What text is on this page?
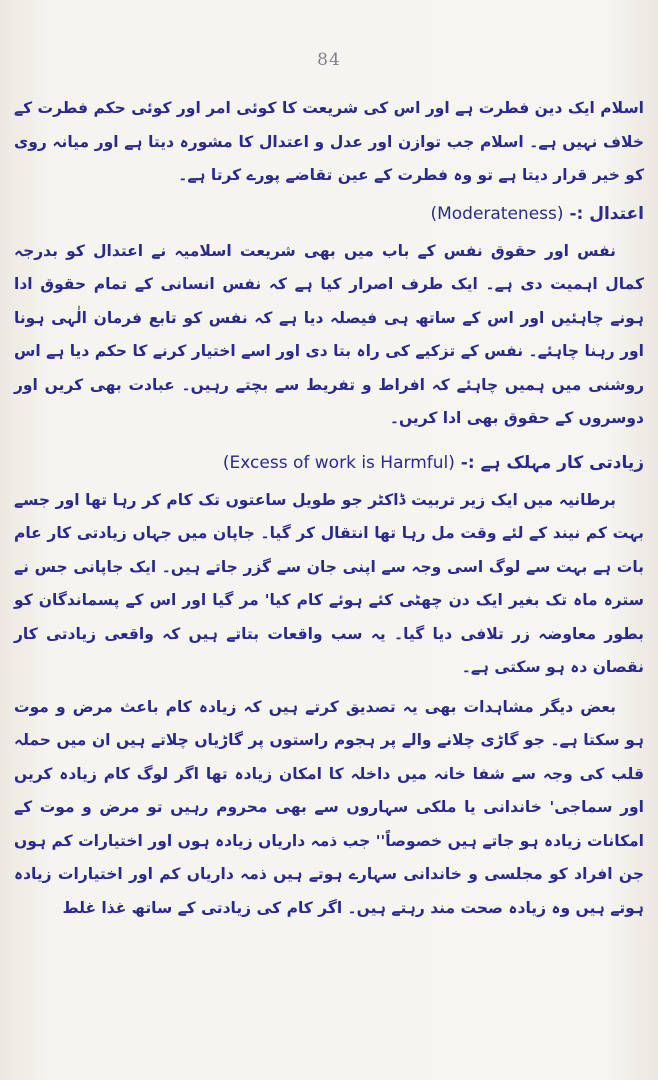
84

اسلام ایک دین فطرت ہے اور اس کی شریعت کا کوئی امر اور کوئی حکم فطرت کے خلاف نہیں ہے۔ اسلام جب توازن اور عدل و اعتدال کا مشورہ دیتا ہے اور میانہ روی کو خیر قرار دیتا ہے تو وہ فطرت کے عین تقاضے پورے کرتا ہے۔

اعتدال :- (Moderateness)

نفس اور حقوق نفس کے باب میں بھی شریعت اسلامیہ نے اعتدال کو بدرجہ کمال اہمیت دی ہے۔ ایک طرف اصرار کیا ہے کہ نفس انسانی کے تمام حقوق ادا ہونے چاہئیں اور اس کے ساتھ ہی فیصلہ دیا ہے کہ نفس کو تابع فرمان الٰہی ہونا اور رہنا چاہئے۔ نفس کے تزکیے کی راہ بتا دی اور اسے اختیار کرنے کا حکم دیا ہے اس روشنی میں ہمیں چاہئے کہ افراط و تفریط سے بچتے رہیں۔ عبادت بھی کریں اور دوسروں کے حقوق بھی ادا کریں۔

زیادتی کار مہلک ہے :- (Excess of work is Harmful)

برطانیہ میں ایک زیر تربیت ڈاکٹر جو طویل ساعتوں تک کام کر رہا تھا اور جسے بہت کم نیند کے لئے وقت مل رہا تھا انتقال کر گیا۔ جاپان میں جہاں زیادتی کار عام بات ہے بہت سے لوگ اسی وجہ سے اپنی جان سے گزر جاتے ہیں۔ ایک جاپانی جس نے سترہ ماہ تک بغیر ایک دن چھٹی کئے ہوئے کام کیا' مر گیا اور اس کے پسماندگان کو بطور معاوضہ زر تلافی دیا گیا۔ یہ سب واقعات بتاتے ہیں کہ واقعی زیادتی کار نقصان دہ ہو سکتی ہے۔

بعض دیگر مشاہدات بھی یہ تصدیق کرتے ہیں کہ زیادہ کام باعث مرض و موت ہو سکتا ہے۔ جو گاڑی چلانے والے پر ہجوم راستوں پر گاڑیاں چلاتے ہیں ان میں حملہ قلب کی وجہ سے شفا خانہ میں داخلہ کا امکان زیادہ تھا اگر لوگ کام زیادہ کریں اور سماجی' خاندانی یا ملکی سہاروں سے بھی محروم رہیں تو مرض و موت کے امکانات زیادہ ہو جاتے ہیں خصوصاً'' جب ذمہ داریاں زیادہ ہوں اور اختیارات کم ہوں جن افراد کو مجلسی و خاندانی سہارے ہوتے ہیں ذمہ داریاں کم اور اختیارات زیادہ ہوتے ہیں وہ زیادہ صحت مند رہتے ہیں۔ اگر کام کی زیادتی کے ساتھ غذا غلط
